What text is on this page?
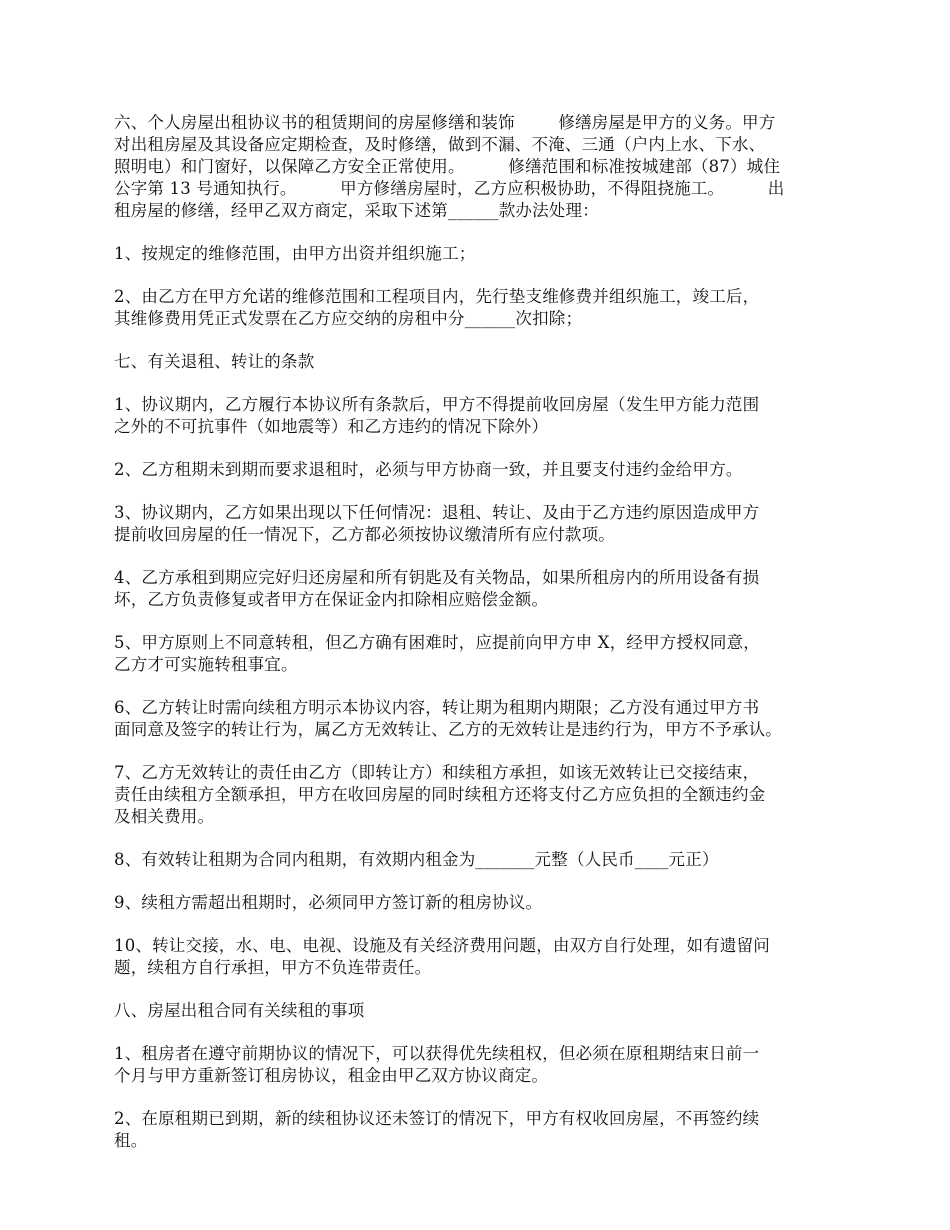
六、个人房屋出租协议书的租赁期间的房屋修缮和装饰        修缮房屋是甲方的义务。甲方
对出租房屋及其设备应定期检查，及时修缮，做到不漏、不淹、三通（户内上水、下水、
照明电）和门窗好，以保障乙方安全正常使用。        修缮范围和标准按城建部（87）城住
公字第 13 号通知执行。        甲方修缮房屋时，乙方应积极协助，不得阻挠施工。        出
租房屋的修缮，经甲乙双方商定，采取下述第______款办法处理：

1、按规定的维修范围，由甲方出资并组织施工；

2、由乙方在甲方允诺的维修范围和工程项目内，先行垫支维修费并组织施工，竣工后，
其维修费用凭正式发票在乙方应交纳的房租中分______次扣除；

七、有关退租、转让的条款

1、协议期内，乙方履行本协议所有条款后，甲方不得提前收回房屋（发生甲方能力范围
之外的不可抗事件（如地震等）和乙方违约的情况下除外）

2、乙方租期未到期而要求退租时，必须与甲方协商一致，并且要支付违约金给甲方。

3、协议期内，乙方如果出现以下任何情况：退租、转让、及由于乙方违约原因造成甲方
提前收回房屋的任一情况下，乙方都必须按协议缴清所有应付款项。

4、乙方承租到期应完好归还房屋和所有钥匙及有关物品，如果所租房内的所用设备有损
坏，乙方负责修复或者甲方在保证金内扣除相应赔偿金额。

5、甲方原则上不同意转租，但乙方确有困难时，应提前向甲方申 X，经甲方授权同意，
乙方才可实施转租事宜。

6、乙方转让时需向续租方明示本协议内容，转让期为租期内期限；乙方没有通过甲方书
面同意及签字的转让行为，属乙方无效转让、乙方的无效转让是违约行为，甲方不予承认。

7、乙方无效转让的责任由乙方（即转让方）和续租方承担，如该无效转让已交接结束，
责任由续租方全额承担，甲方在收回房屋的同时续租方还将支付乙方应负担的全额违约金
及相关费用。

8、有效转让租期为合同内租期，有效期内租金为_______元整（人民币____元正）

9、续租方需超出租期时，必须同甲方签订新的租房协议。

10、转让交接，水、电、电视、设施及有关经济费用问题，由双方自行处理，如有遗留问
题，续租方自行承担，甲方不负连带责任。

八、房屋出租合同有关续租的事项

1、租房者在遵守前期协议的情况下，可以获得优先续租权，但必须在原租期结束日前一
个月与甲方重新签订租房协议，租金由甲乙双方协议商定。

2、在原租期已到期，新的续租协议还未签订的情况下，甲方有权收回房屋，不再签约续
租。
